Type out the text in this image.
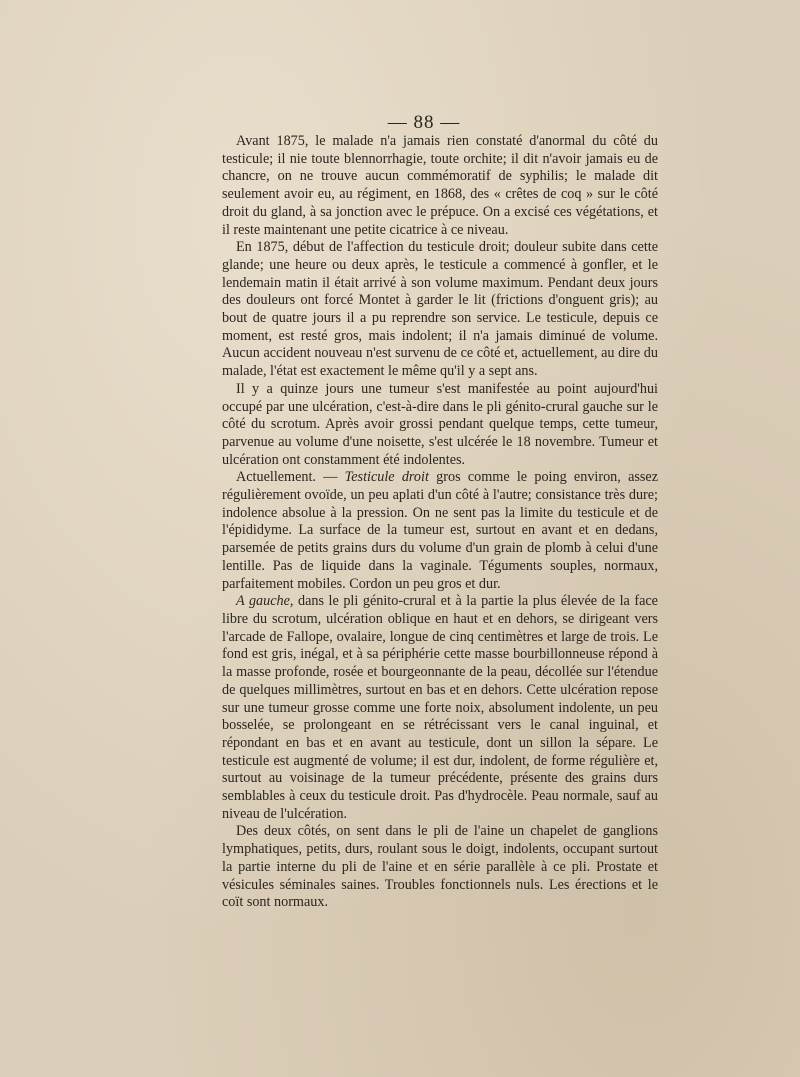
— 88 —

Avant 1875, le malade n'a jamais rien constaté d'anormal du côté du testicule; il nie toute blennorrhagie, toute orchite; il dit n'avoir jamais eu de chancre, on ne trouve aucun commémoratif de syphilis; le malade dit seulement avoir eu, au régiment, en 1868, des « crêtes de coq » sur le côté droit du gland, à sa jonction avec le prépuce. On a excisé ces végétations, et il reste maintenant une petite cicatrice à ce niveau.

En 1875, début de l'affection du testicule droit; douleur subite dans cette glande; une heure ou deux après, le testicule a commencé à gonfler, et le lendemain matin il était arrivé à son volume maximum. Pendant deux jours des douleurs ont forcé Montet à garder le lit (frictions d'onguent gris); au bout de quatre jours il a pu reprendre son service. Le testicule, depuis ce moment, est resté gros, mais indolent; il n'a jamais diminué de volume. Aucun accident nouveau n'est survenu de ce côté et, actuellement, au dire du malade, l'état est exactement le même qu'il y a sept ans.

Il y a quinze jours une tumeur s'est manifestée au point aujourd'hui occupé par une ulcération, c'est-à-dire dans le pli génito-crural gauche sur le côté du scrotum. Après avoir grossi pendant quelque temps, cette tumeur, parvenue au volume d'une noisette, s'est ulcérée le 18 novembre. Tumeur et ulcération ont constamment été indolentes.

Actuellement. — Testicule droit gros comme le poing environ, assez régulièrement ovoïde, un peu aplati d'un côté à l'autre; consistance très dure; indolence absolue à la pression. On ne sent pas la limite du testicule et de l'épididyme. La surface de la tumeur est, surtout en avant et en dedans, parsemée de petits grains durs du volume d'un grain de plomb à celui d'une lentille. Pas de liquide dans la vaginale. Téguments souples, normaux, parfaitement mobiles. Cordon un peu gros et dur.

A gauche, dans le pli génito-crural et à la partie la plus élevée de la face libre du scrotum, ulcération oblique en haut et en dehors, se dirigeant vers l'arcade de Fallope, ovalaire, longue de cinq centimètres et large de trois. Le fond est gris, inégal, et à sa périphérie cette masse bourbillonneuse répond à la masse profonde, rosée et bourgeonnante de la peau, décollée sur l'étendue de quelques millimètres, surtout en bas et en dehors. Cette ulcération repose sur une tumeur grosse comme une forte noix, absolument indolente, un peu bosselée, se prolongeant en se rétrécissant vers le canal inguinal, et répondant en bas et en avant au testicule, dont un sillon la sépare. Le testicule est augmenté de volume; il est dur, indolent, de forme régulière et, surtout au voisinage de la tumeur précédente, présente des grains durs semblables à ceux du testicule droit. Pas d'hydrocèle. Peau normale, sauf au niveau de l'ulcération.

Des deux côtés, on sent dans le pli de l'aine un chapelet de ganglions lymphatiques, petits, durs, roulant sous le doigt, indolents, occupant surtout la partie interne du pli de l'aine et en série parallèle à ce pli. Prostate et vésicules séminales saines. Troubles fonctionnels nuls. Les érections et le coït sont normaux.
